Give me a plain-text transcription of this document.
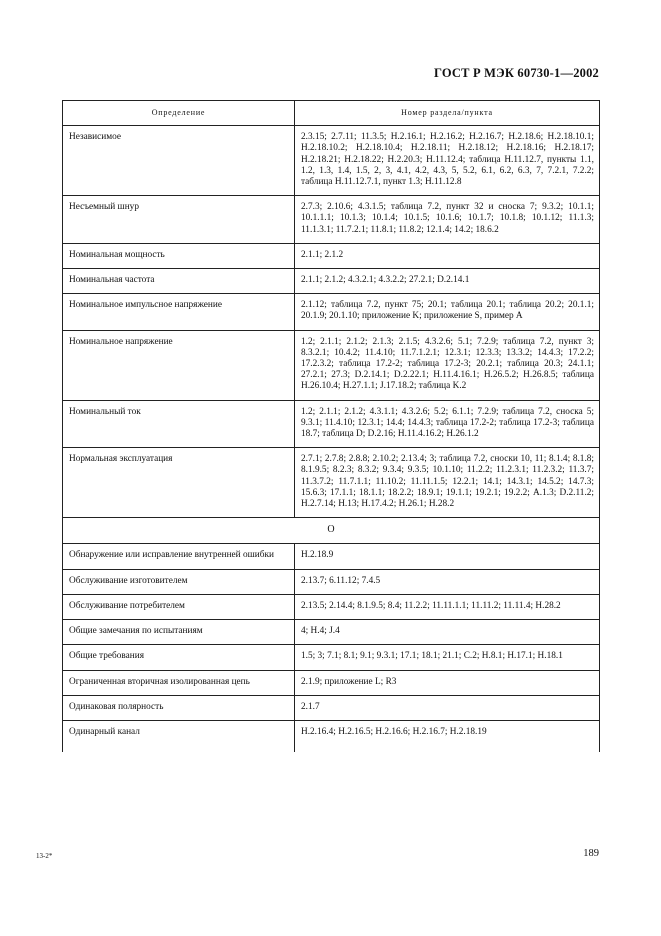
ГОСТ Р МЭК 60730-1—2002
Определение	Номер раздела/пункта
Независимое	2.3.15; 2.7.11; 11.3.5; H.2.16.1; H.2.16.2; H.2.16.7; H.2.18.6; H.2.18.10.1; H.2.18.10.2; H.2.18.10.4; H.2.18.11; H.2.18.12; H.2.18.16; H.2.18.17; H.2.18.21; H.2.18.22; H.2.20.3; H.11.12.4; таблица H.11.12.7, пункты 1.1, 1.2, 1.3, 1.4, 1.5, 2, 3, 4.1, 4.2, 4.3, 5, 5.2, 6.1, 6.2, 6.3, 7, 7.2.1, 7.2.2; таблица H.11.12.7.1, пункт 1.3; H.11.12.8
Несъемный шнур	2.7.3; 2.10.6; 4.3.1.5; таблица 7.2, пункт 32 и сноска 7; 9.3.2; 10.1.1; 10.1.1.1; 10.1.3; 10.1.4; 10.1.5; 10.1.6; 10.1.7; 10.1.8; 10.1.12; 11.1.3; 11.1.3.1; 11.7.2.1; 11.8.1; 11.8.2; 12.1.4; 14.2; 18.6.2
Номинальная мощность	2.1.1; 2.1.2
Номинальная частота	2.1.1; 2.1.2; 4.3.2.1; 4.3.2.2; 27.2.1; D.2.14.1
Номинальное импульсное напряжение	2.1.12; таблица 7.2, пункт 75; 20.1; таблица 20.1; таблица 20.2; 20.1.1; 20.1.9; 20.1.10; приложение K; приложение S, пример A
Номинальное напряжение	1.2; 2.1.1; 2.1.2; 2.1.3; 2.1.5; 4.3.2.6; 5.1; 7.2.9; таблица 7.2, пункт 3; 8.3.2.1; 10.4.2; 11.4.10; 11.7.1.2.1; 12.3.1; 12.3.3; 13.3.2; 14.4.3; 17.2.2; 17.2.3.2; таблица 17.2-2; таблица 17.2-3; 20.2.1; таблица 20.3; 24.1.1; 27.2.1; 27.3; D.2.14.1; D.2.22.1; H.11.4.16.1; H.26.5.2; H.26.8.5; таблица H.26.10.4; H.27.1.1; J.17.18.2; таблица K.2
Номинальный ток	1.2; 2.1.1; 2.1.2; 4.3.1.1; 4.3.2.6; 5.2; 6.1.1; 7.2.9; таблица 7.2, сноска 5; 9.3.1; 11.4.10; 12.3.1; 14.4; 14.4.3; таблица 17.2-2; таблица 17.2-3; таблица 18.7; таблица D; D.2.16; H.11.4.16.2; H.26.1.2
Нормальная эксплуатация	2.7.1; 2.7.8; 2.8.8; 2.10.2; 2.13.4; 3; таблица 7.2, сноски 10, 11; 8.1.4; 8.1.8; 8.1.9.5; 8.2.3; 8.3.2; 9.3.4; 9.3.5; 10.1.10; 11.2.2; 11.2.3.1; 11.2.3.2; 11.3.7; 11.3.7.2; 11.7.1.1; 11.10.2; 11.11.1.5; 12.2.1; 14.1; 14.3.1; 14.5.2; 14.7.3; 15.6.3; 17.1.1; 18.1.1; 18.2.2; 18.9.1; 19.1.1; 19.2.1; 19.2.2; A.1.3; D.2.11.2; H.2.7.14; H.13; H.17.4.2; H.26.1; H.28.2
О	
Обнаружение или исправление внутренней ошибки	H.2.18.9
Обслуживание изготовителем	2.13.7; 6.11.12; 7.4.5
Обслуживание потребителем	2.13.5; 2.14.4; 8.1.9.5; 8.4; 11.2.2; 11.11.1.1; 11.11.2; 11.11.4; H.28.2
Общие замечания по испытаниям	4; H.4; J.4
Общие требования	1.5; 3; 7.1; 8.1; 9.1; 9.3.1; 17.1; 18.1; 21.1; C.2; H.8.1; H.17.1; H.18.1
Ограниченная вторичная изолированная цепь	2.1.9; приложение L; R3
Одинаковая полярность	2.1.7
Одинарный канал	H.2.16.4; H.2.16.5; H.2.16.6; H.2.16.7; H.2.18.19
13-2*	189
